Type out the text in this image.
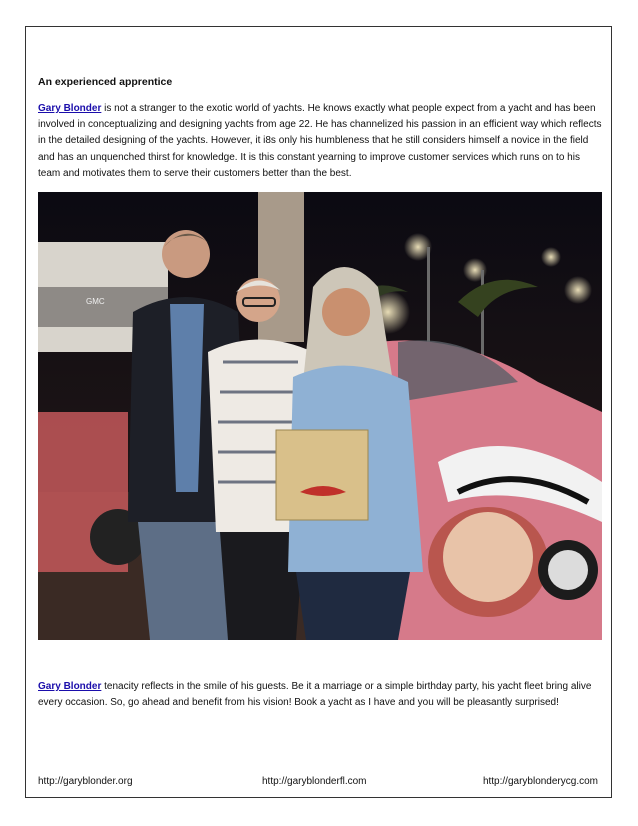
An experienced apprentice
Gary Blonder is not a stranger to the exotic world of yachts. He knows exactly what people expect from a yacht and has been involved in conceptualizing and designing yachts from age 22. He has channelized his passion in an efficient way which reflects in the detailed designing of the yachts. However, it i8s only his humbleness that he still considers himself a novice in the field and has an unquenched thirst for knowledge. It is this constant yearning to improve customer services which runs on to his team and motivates them to serve their customers better than the best.
GMC
Gary Blonder tenacity reflects in the smile of his guests. Be it a marriage or a simple birthday party, his yacht fleet bring alive every occasion. So, go ahead and benefit from his vision! Book a yacht as I have and you will be pleasantly surprised!
http://garyblonder.org	http://garyblonderfl.com	http://garyblonderycg.com
